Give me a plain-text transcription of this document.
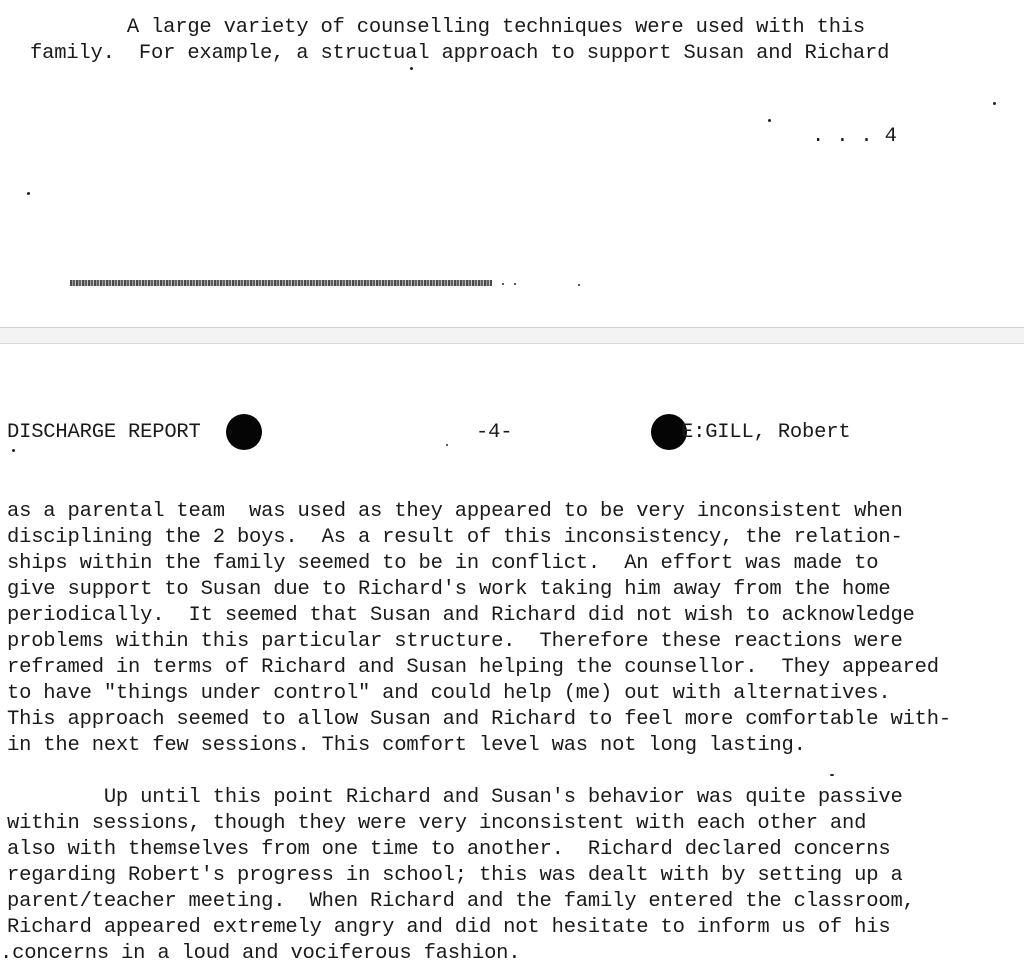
A large variety of counselling techniques were used with this
family.  For example, a structual approach to support Susan and Richard
. . . 4
DISCHARGE REPORT	-4-	E:GILL, Robert
as a parental team  was used as they appeared to be very inconsistent when
disciplining the 2 boys.  As a result of this inconsistency, the relation-
ships within the family seemed to be in conflict.  An effort was made to
give support to Susan due to Richard's work taking him away from the home
periodically.  It seemed that Susan and Richard did not wish to acknowledge
problems within this particular structure.  Therefore these reactions were
reframed in terms of Richard and Susan helping the counsellor.  They appeared
to have "things under control" and could help (me) out with alternatives.
This approach seemed to allow Susan and Richard to feel more comfortable with-
in the next few sessions. This comfort level was not long lasting.
Up until this point Richard and Susan's behavior was quite passive
within sessions, though they were very inconsistent with each other and
also with themselves from one time to another.  Richard declared concerns
regarding Robert's progress in school; this was dealt with by setting up a
parent/teacher meeting.  When Richard and the family entered the classroom,
Richard appeared extremely angry and did not hesitate to inform us of his
.concerns in a loud and vociferous fashion.
